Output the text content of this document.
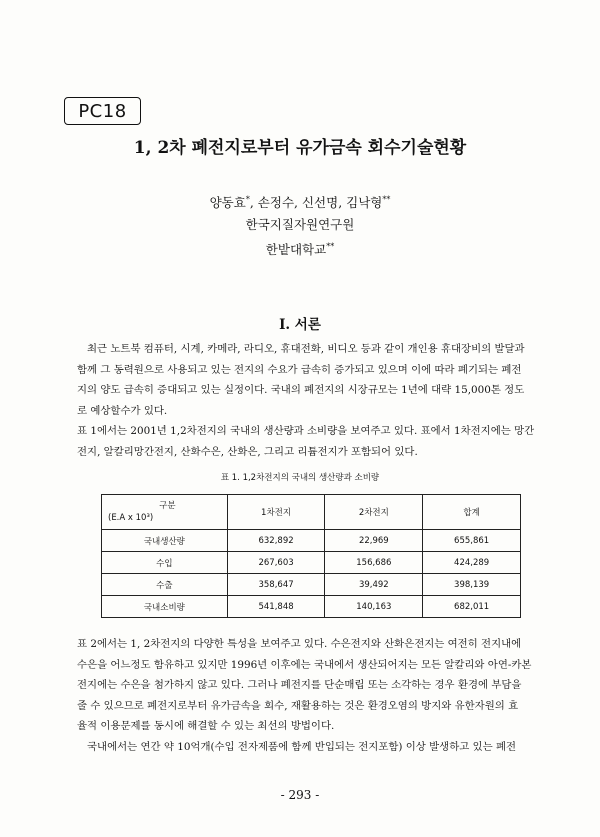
PC18
1, 2차 폐전지로부터 유가금속 회수기술현황
양동효*, 손정수, 신선명, 김낙형**
한국지질자원연구원
한밭대학교**
I. 서론

최근 노트북 컴퓨터, 시계, 카메라, 라디오, 휴대전화, 비디오 등과 같이 개인용 휴대장비의 발달과

함께 그 동력원으로 사용되고 있는 전지의 수요가 급속히 증가되고 있으며 이에 따라 폐기되는 폐전

지의 양도 급속히 증대되고 있는 실정이다. 국내의 폐전지의 시장규모는 1년에 대략 15,000톤 정도

로 예상할수가 있다.

표 1에서는 2001년 1,2차전지의 국내의 생산량과 소비량을 보여주고 있다. 표에서 1차전지에는 망간

전지, 알칼리망간전지, 산화수은, 산화은, 그리고 리튬전지가 포함되어 있다.

표 1. 1,2차전지의 국내의 생산량과 소비량
구분
(E.A x 10³)	1차전지	2차전지	합계
국내생산량	632,892	22,969	655,861
수입	267,603	156,686	424,289
수출	358,647	39,492	398,139
국내소비량	541,848	140,163	682,011

표 2에서는 1, 2차전지의 다양한 특성을 보여주고 있다. 수은전지와 산화은전지는 여전히 전지내에

수은을 어느정도 함유하고 있지만 1996년 이후에는 국내에서 생산되어지는 모든 알칼리와 아연-카본

전지에는 수은을 첨가하지 않고 있다. 그러나 폐전지를 단순매립 또는 소각하는 경우 환경에 부담을

줄 수 있으므로 폐전지로부터 유가금속을 회수, 재활용하는 것은 환경오염의 방지와 유한자원의 효

율적 이용문제를 동시에 해결할 수 있는 최선의 방법이다.

국내에서는 연간 약 10억개(수입 전자제품에 함께 반입되는 전지포함) 이상 발생하고 있는 폐전

- 293 -
